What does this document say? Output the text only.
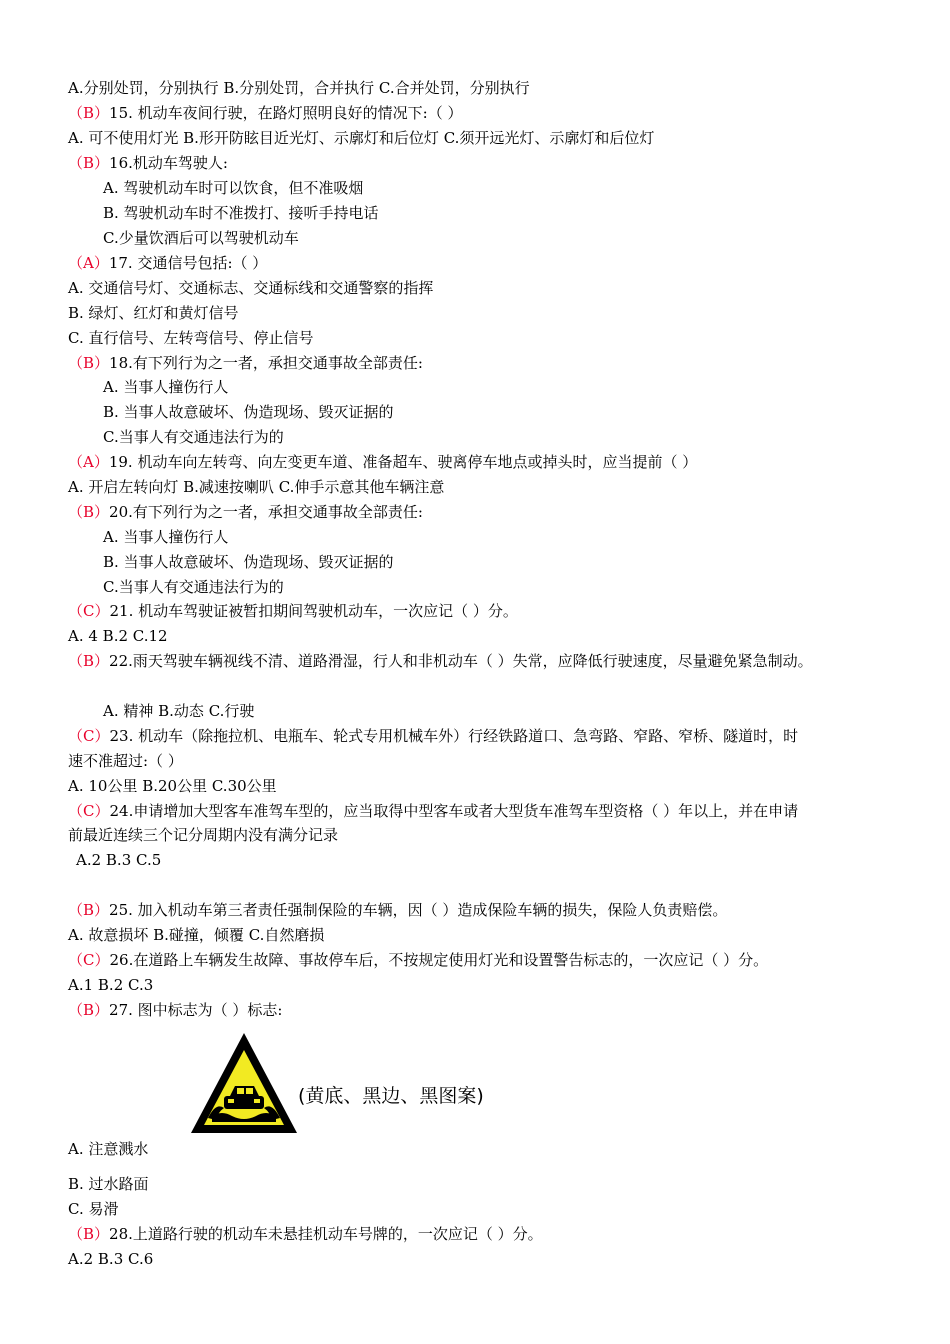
A.分别处罚，分别执行 B.分别处罚，合并执行 C.合并处罚，分别执行
（B）15. 机动车夜间行驶，在路灯照明良好的情况下:（ ）
A. 可不使用灯光 B.形开防眩目近光灯、示廓灯和后位灯 C.须开远光灯、示廓灯和后位灯
（B）16.机动车驾驶人:
A. 驾驶机动车时可以饮食，但不准吸烟
B. 驾驶机动车时不准拨打、接听手持电话
C.少量饮酒后可以驾驶机动车
（A）17. 交通信号包括:（ ）
A. 交通信号灯、交通标志、交通标线和交通警察的指挥
B. 绿灯、红灯和黄灯信号
C. 直行信号、左转弯信号、停止信号
（B）18.有下列行为之一者，承担交通事故全部责任:
A. 当事人撞伤行人
B. 当事人故意破坏、伪造现场、毁灭证据的
C.当事人有交通违法行为的
（A）19. 机动车向左转弯、向左变更车道、准备超车、驶离停车地点或掉头时，应当提前（ ）
A. 开启左转向灯 B.减速按喇叭 C.伸手示意其他车辆注意
（B）20.有下列行为之一者，承担交通事故全部责任:
A. 当事人撞伤行人
B. 当事人故意破坏、伪造现场、毁灭证据的
C.当事人有交通违法行为的
（C）21. 机动车驾驶证被暂扣期间驾驶机动车，一次应记（ ）分。
A. 4 B.2 C.12
（B）22.雨天驾驶车辆视线不清、道路滑湿，行人和非机动车（ ）失常，应降低行驶速度，尽量避免紧急制动。
A. 精神 B.动态 C.行驶
（C）23. 机动车（除拖拉机、电瓶车、轮式专用机械车外）行经铁路道口、急弯路、窄路、窄桥、隧道时，时
速不准超过:（ ）
A. 10公里 B.20公里 C.30公里
（C）24.申请增加大型客车准驾车型的，应当取得中型客车或者大型货车准驾车型资格（ ）年以上，并在申请
前最近连续三个记分周期内没有满分记录
A.2 B.3 C.5
（B）25. 加入机动车第三者责任强制保险的车辆，因（ ）造成保险车辆的损失，保险人负责赔偿。
A. 故意损坏 B.碰撞，倾覆 C.自然磨损
（C）26.在道路上车辆发生故障、事故停车后，不按规定使用灯光和设置警告标志的，一次应记（ ）分。
A.1 B.2 C.3
（B）27. 图中标志为（ ）标志:
(黄底、黑边、黑图案)
A. 注意溅水
B. 过水路面
C. 易滑
（B）28.上道路行驶的机动车未悬挂机动车号牌的，一次应记（ ）分。
A.2 B.3 C.6
